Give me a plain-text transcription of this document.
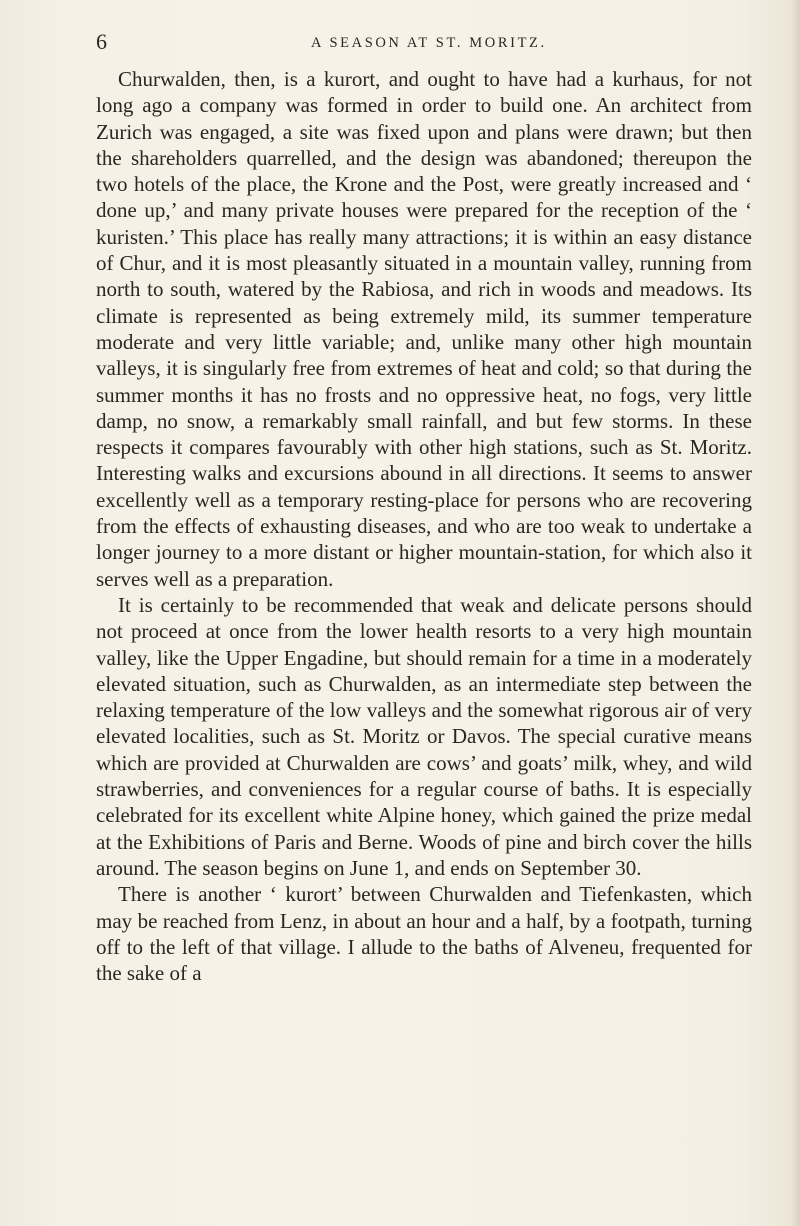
6	A SEASON AT ST. MORITZ.

Churwalden, then, is a kurort, and ought to have had a kurhaus, for not long ago a company was formed in order to build one. An architect from Zurich was engaged, a site was fixed upon and plans were drawn; but then the shareholders quarrelled, and the design was abandoned; thereupon the two hotels of the place, the Krone and the Post, were greatly increased and ‘ done up,’ and many private houses were prepared for the reception of the ‘ kuristen.’ This place has really many attractions; it is within an easy distance of Chur, and it is most pleasantly situated in a mountain valley, running from north to south, watered by the Rabiosa, and rich in woods and meadows. Its climate is represented as being extremely mild, its summer temperature moderate and very little variable; and, unlike many other high mountain valleys, it is singularly free from extremes of heat and cold; so that during the summer months it has no frosts and no oppressive heat, no fogs, very little damp, no snow, a remarkably small rainfall, and but few storms. In these respects it compares favourably with other high stations, such as St. Moritz. Interesting walks and excursions abound in all directions. It seems to answer excellently well as a temporary resting-place for persons who are recovering from the effects of exhausting diseases, and who are too weak to undertake a longer journey to a more distant or higher mountain-station, for which also it serves well as a preparation.

It is certainly to be recommended that weak and delicate persons should not proceed at once from the lower health resorts to a very high mountain valley, like the Upper Engadine, but should remain for a time in a moderately elevated situation, such as Churwalden, as an intermediate step between the relaxing temperature of the low valleys and the somewhat rigorous air of very elevated localities, such as St. Moritz or Davos. The special curative means which are provided at Churwalden are cows’ and goats’ milk, whey, and wild strawberries, and conveniences for a regular course of baths. It is especially celebrated for its excellent white Alpine honey, which gained the prize medal at the Exhibitions of Paris and Berne. Woods of pine and birch cover the hills around. The season begins on June 1, and ends on September 30.

There is another ‘ kurort’ between Churwalden and Tiefenkasten, which may be reached from Lenz, in about an hour and a half, by a footpath, turning off to the left of that village. I allude to the baths of Alveneu, frequented for the sake of a
